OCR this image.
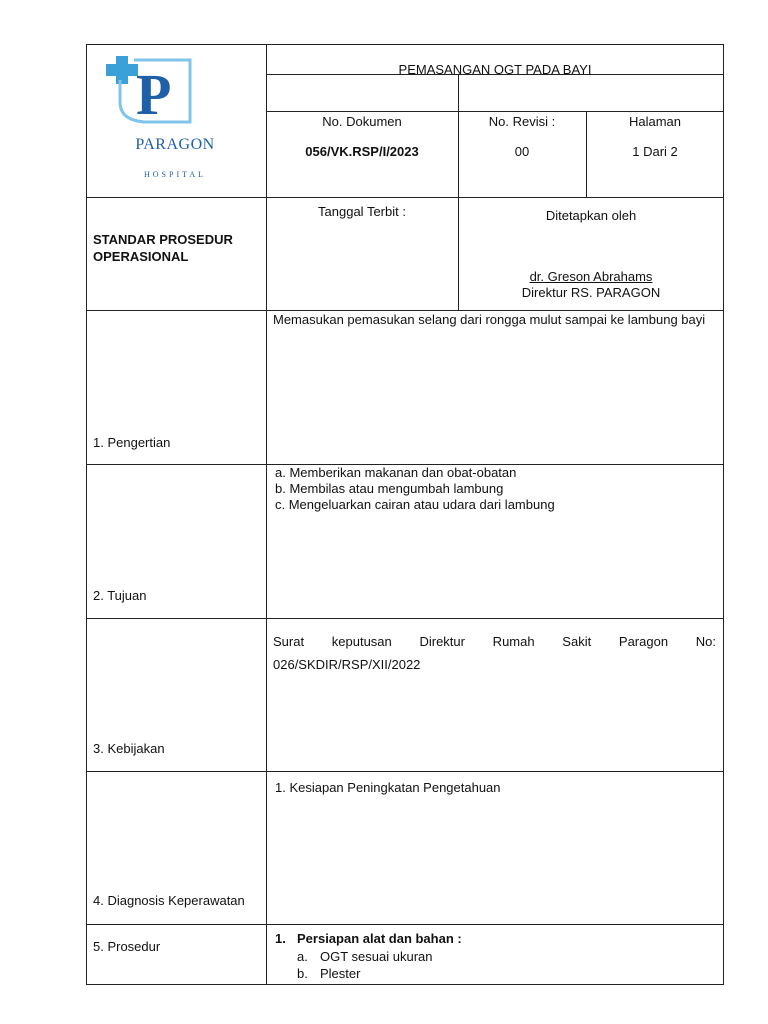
P
PARAGON
HOSPITAL
PEMASANGAN OGT PADA BAYI
No. Dokumen
056/VK.RSP/I/2023
No. Revisi :
00
Halaman
1 Dari 2
STANDAR PROSEDUR OPERASIONAL
Tanggal Terbit :	Ditetapkan oleh
dr. Greson Abrahams
Direktur RS. PARAGON
1. Pengertian
Memasukan pemasukan selang dari rongga mulut sampai ke lambung bayi
2. Tujuan
a. Memberikan makanan dan obat-obatan
b. Membilas atau mengumbah lambung
c. Mengeluarkan cairan atau udara dari lambung
3. Kebijakan
Surat keputusan Direktur Rumah Sakit Paragon No:
026/SKDIR/RSP/XII/2022
4. Diagnosis Keperawatan
1. Kesiapan Peningkatan Pengetahuan
5. Prosedur
1. Persiapan alat dan bahan :
a. OGT sesuai ukuran
b. Plester
